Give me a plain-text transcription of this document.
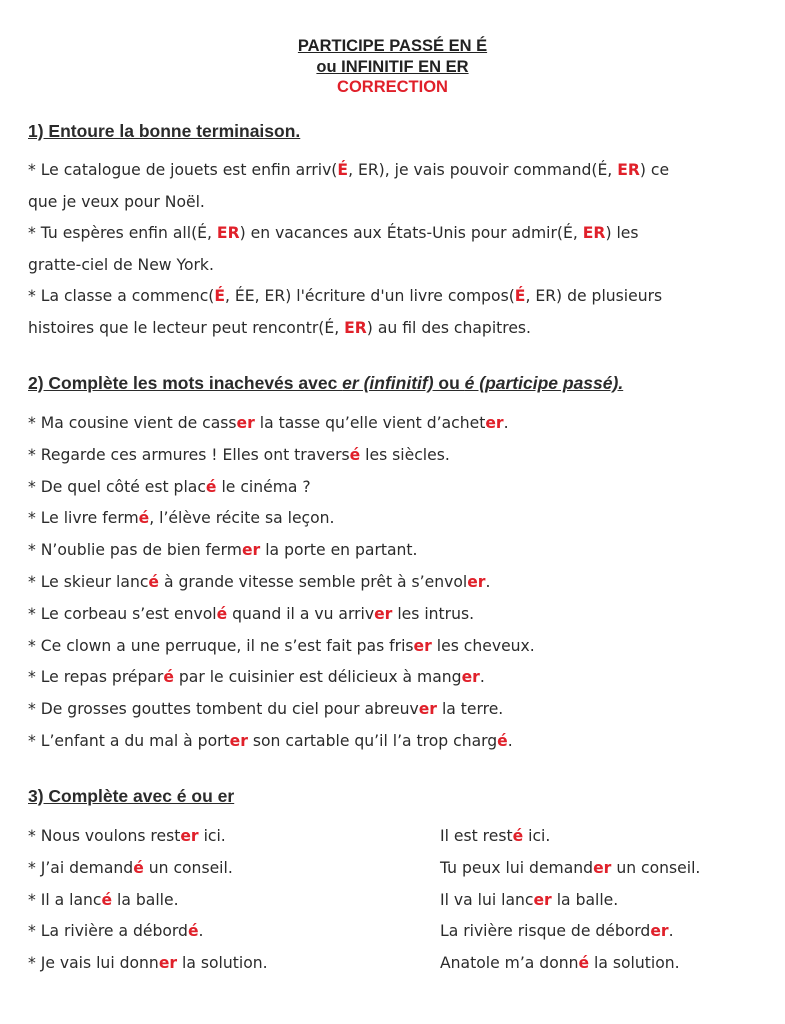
PARTICIPE PASSÉ EN É
ou INFINITIF EN ER
CORRECTION
1) Entoure la bonne terminaison.
* Le catalogue de jouets est enfin arriv(É, ER), je vais pouvoir command(É, ER) ce
que je veux pour Noël.
* Tu espères enfin all(É, ER) en vacances aux États-Unis pour admir(É, ER) les
gratte-ciel de New York.
* La classe a commenc(É, ÉE, ER) l'écriture d'un livre compos(É, ER) de plusieurs
histoires que le lecteur peut rencontr(É, ER) au fil des chapitres.
2) Complète les mots inachevés avec er (infinitif) ou é (participe passé).
* Ma cousine vient de casser la tasse qu’elle vient d’acheter.
* Regarde ces armures ! Elles ont traversé les siècles.
* De quel côté est placé le cinéma ?
* Le livre fermé, l’élève récite sa leçon.
* N’oublie pas de bien fermer la porte en partant.
* Le skieur lancé à grande vitesse semble prêt à s’envoler.
* Le corbeau s’est envolé quand il a vu arriver les intrus.
* Ce clown a une perruque, il ne s’est fait pas friser les cheveux.
* Le repas préparé par le cuisinier est délicieux à manger.
* De grosses gouttes tombent du ciel pour abreuver la terre.
* L’enfant a du mal à porter son cartable qu’il l’a trop chargé.
3) Complète avec é ou er
* Nous voulons rester ici.
* J’ai demandé un conseil.
* Il a lancé la balle.
* La rivière a débordé.
* Je vais lui donner la solution.
Il est resté ici.
Tu peux lui demander un conseil.
Il va lui lancer la balle.
La rivière risque de déborder.
Anatole m’a donné la solution.
